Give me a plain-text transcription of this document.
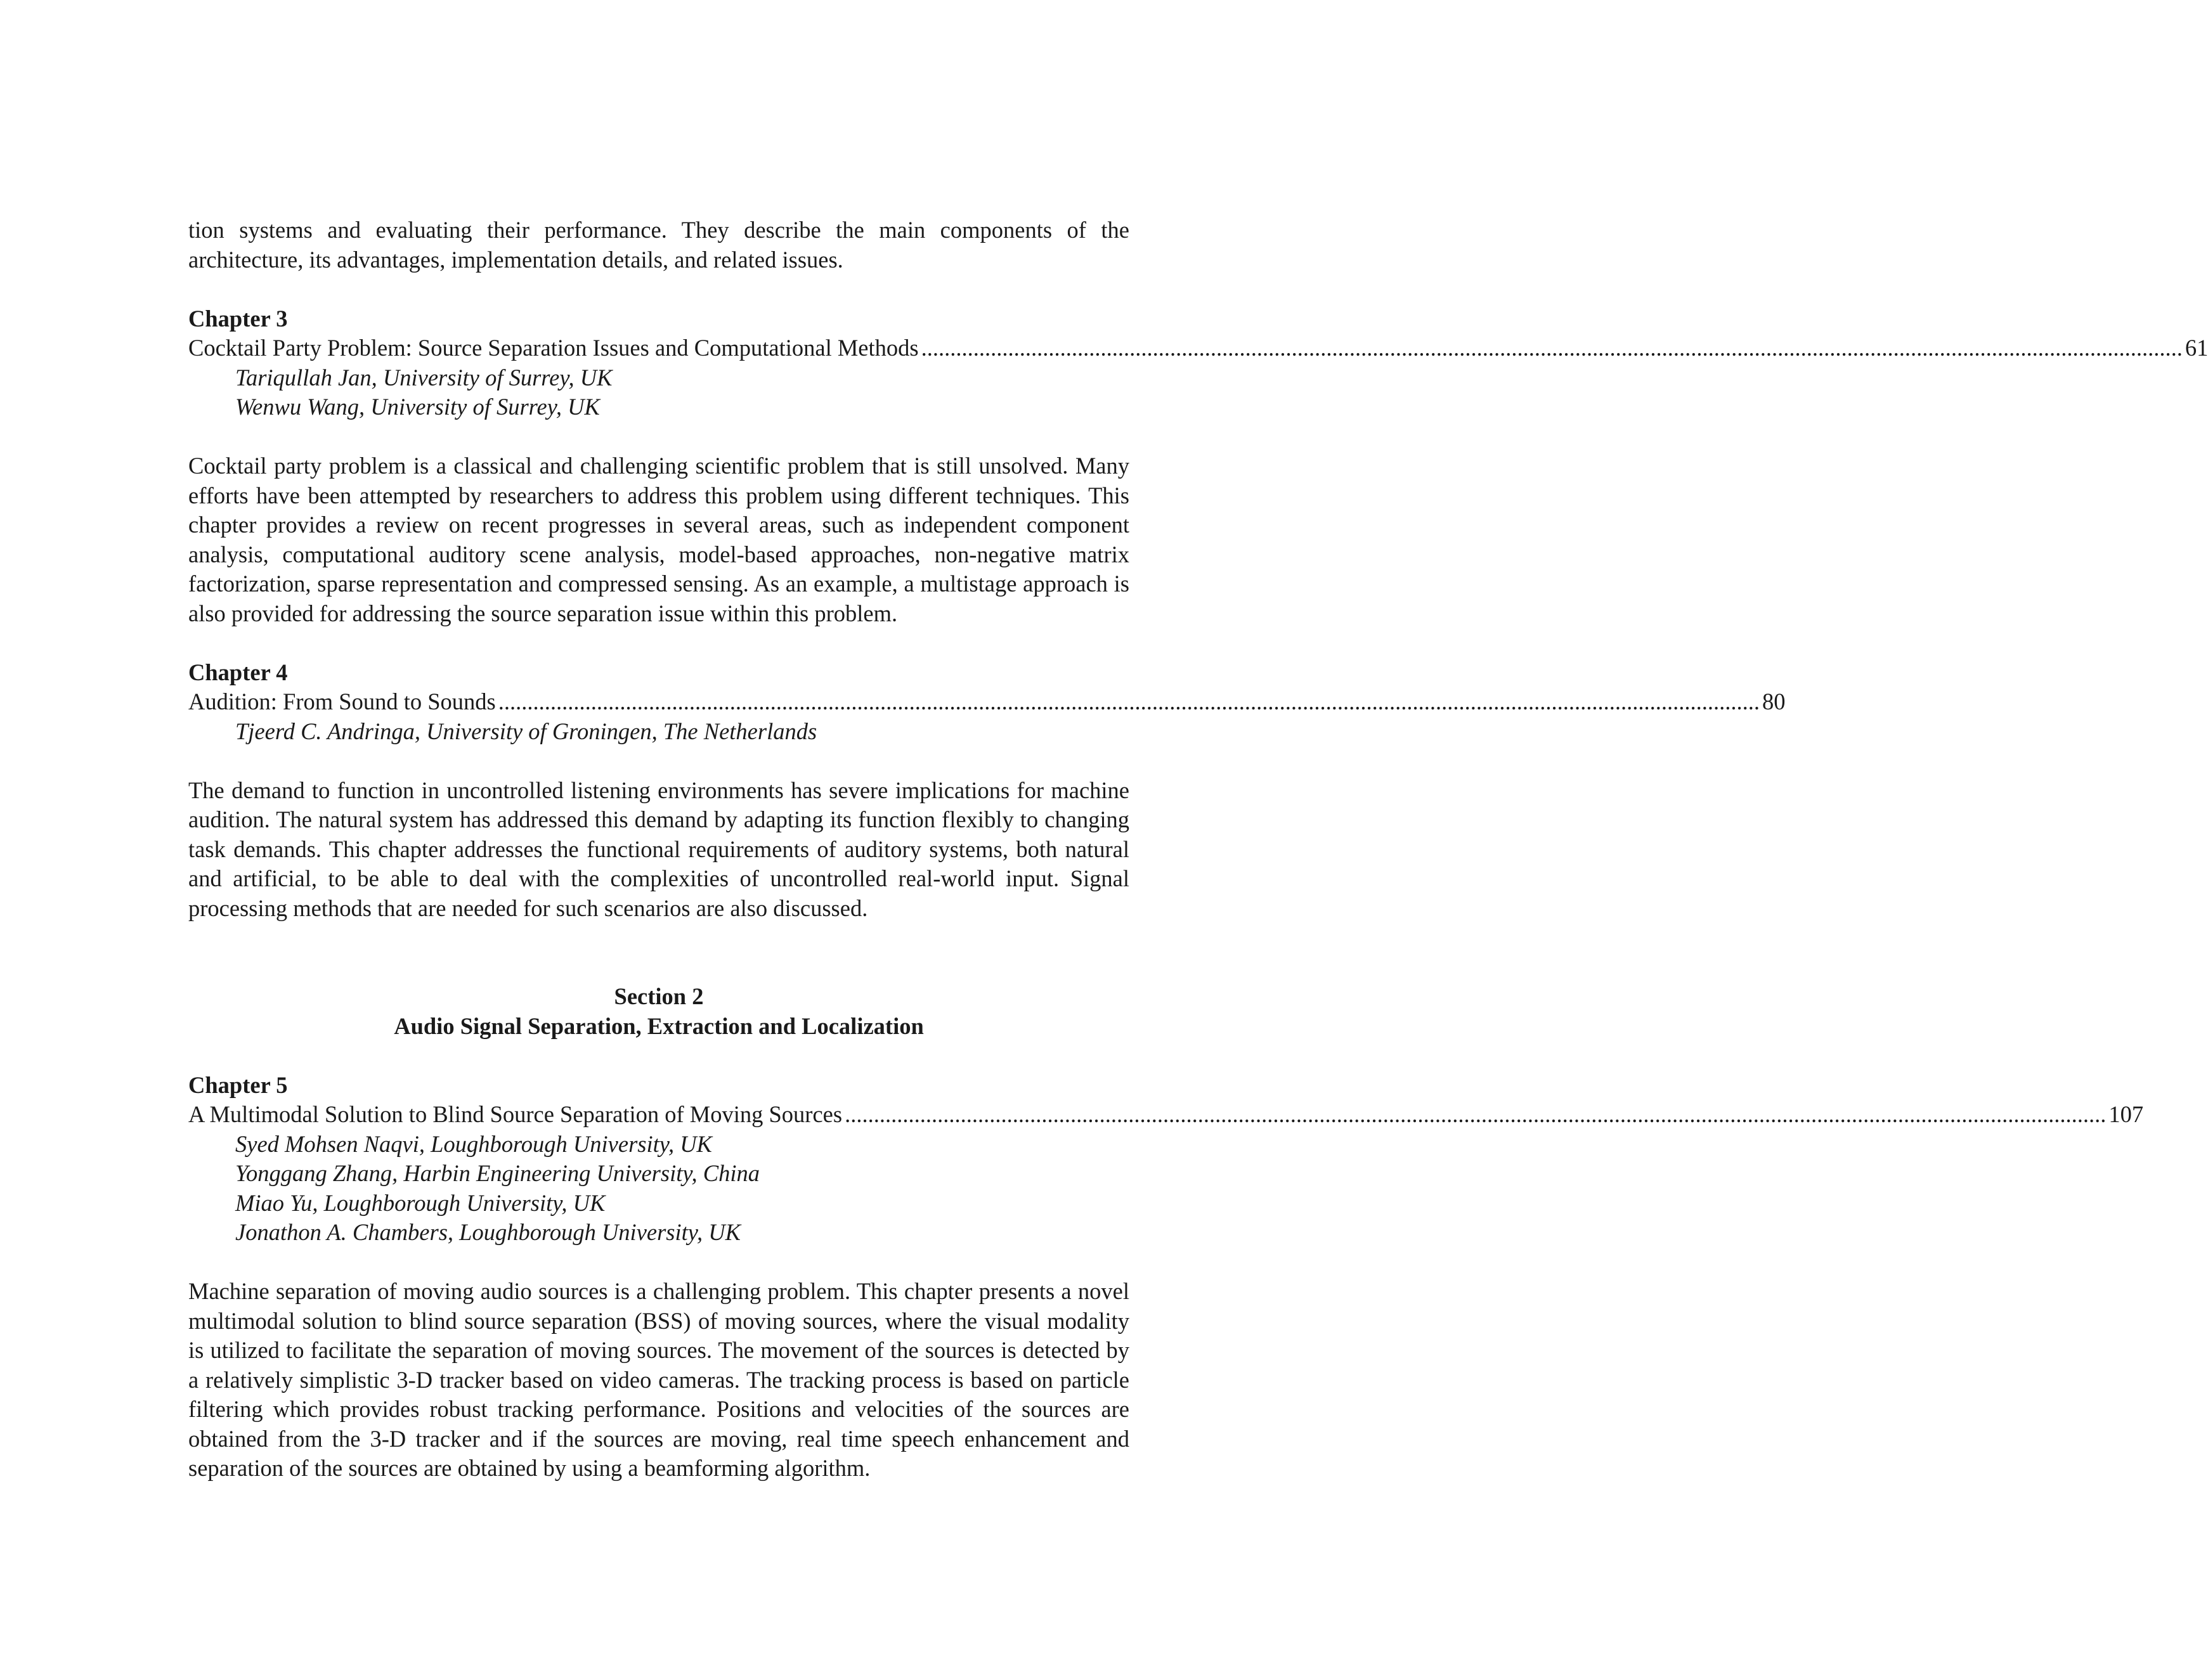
tion systems and evaluating their performance. They describe the main components of the architecture, its advantages, implementation details, and related issues.

Chapter 3
Cocktail Party Problem: Source Separation Issues and Computational Methods .......................................................................................................................................................................................................................... 61
Tariqullah Jan, University of Surrey, UK
Wenwu Wang, University of Surrey, UK

Cocktail party problem is a classical and challenging scientific problem that is still unsolved. Many efforts have been attempted by researchers to address this problem using different techniques. This chapter provides a review on recent progresses in several areas, such as independent component analysis, computational auditory scene analysis, model-based approaches, non-negative matrix factorization, sparse representation and compressed sensing. As an example, a multistage approach is also provided for addressing the source separation issue within this problem.

Chapter 4
Audition: From Sound to Sounds .......................................................................................................................................................................................................................... 80
Tjeerd C. Andringa, University of Groningen, The Netherlands

The demand to function in uncontrolled listening environments has severe implications for machine audition. The natural system has addressed this demand by adapting its function flexibly to changing task demands. This chapter addresses the functional requirements of auditory systems, both natural and artificial, to be able to deal with the complexities of uncontrolled real-world input. Signal processing methods that are needed for such scenarios are also discussed.

Section 2
Audio Signal Separation, Extraction and Localization
Chapter 5
A Multimodal Solution to Blind Source Separation of Moving Sources .......................................................................................................................................................................................................................... 107
Syed Mohsen Naqvi, Loughborough University, UK
Yonggang Zhang, Harbin Engineering University, China
Miao Yu, Loughborough University, UK
Jonathon A. Chambers, Loughborough University, UK

Machine separation of moving audio sources is a challenging problem. This chapter presents a novel multimodal solution to blind source separation (BSS) of moving sources, where the visual modality is utilized to facilitate the separation of moving sources. The movement of the sources is detected by a relatively simplistic 3-D tracker based on video cameras. The tracking process is based on particle filtering which provides robust tracking performance. Positions and velocities of the sources are obtained from the 3-D tracker and if the sources are moving, real time speech enhancement and separation of the sources are obtained by using a beamforming algorithm.
